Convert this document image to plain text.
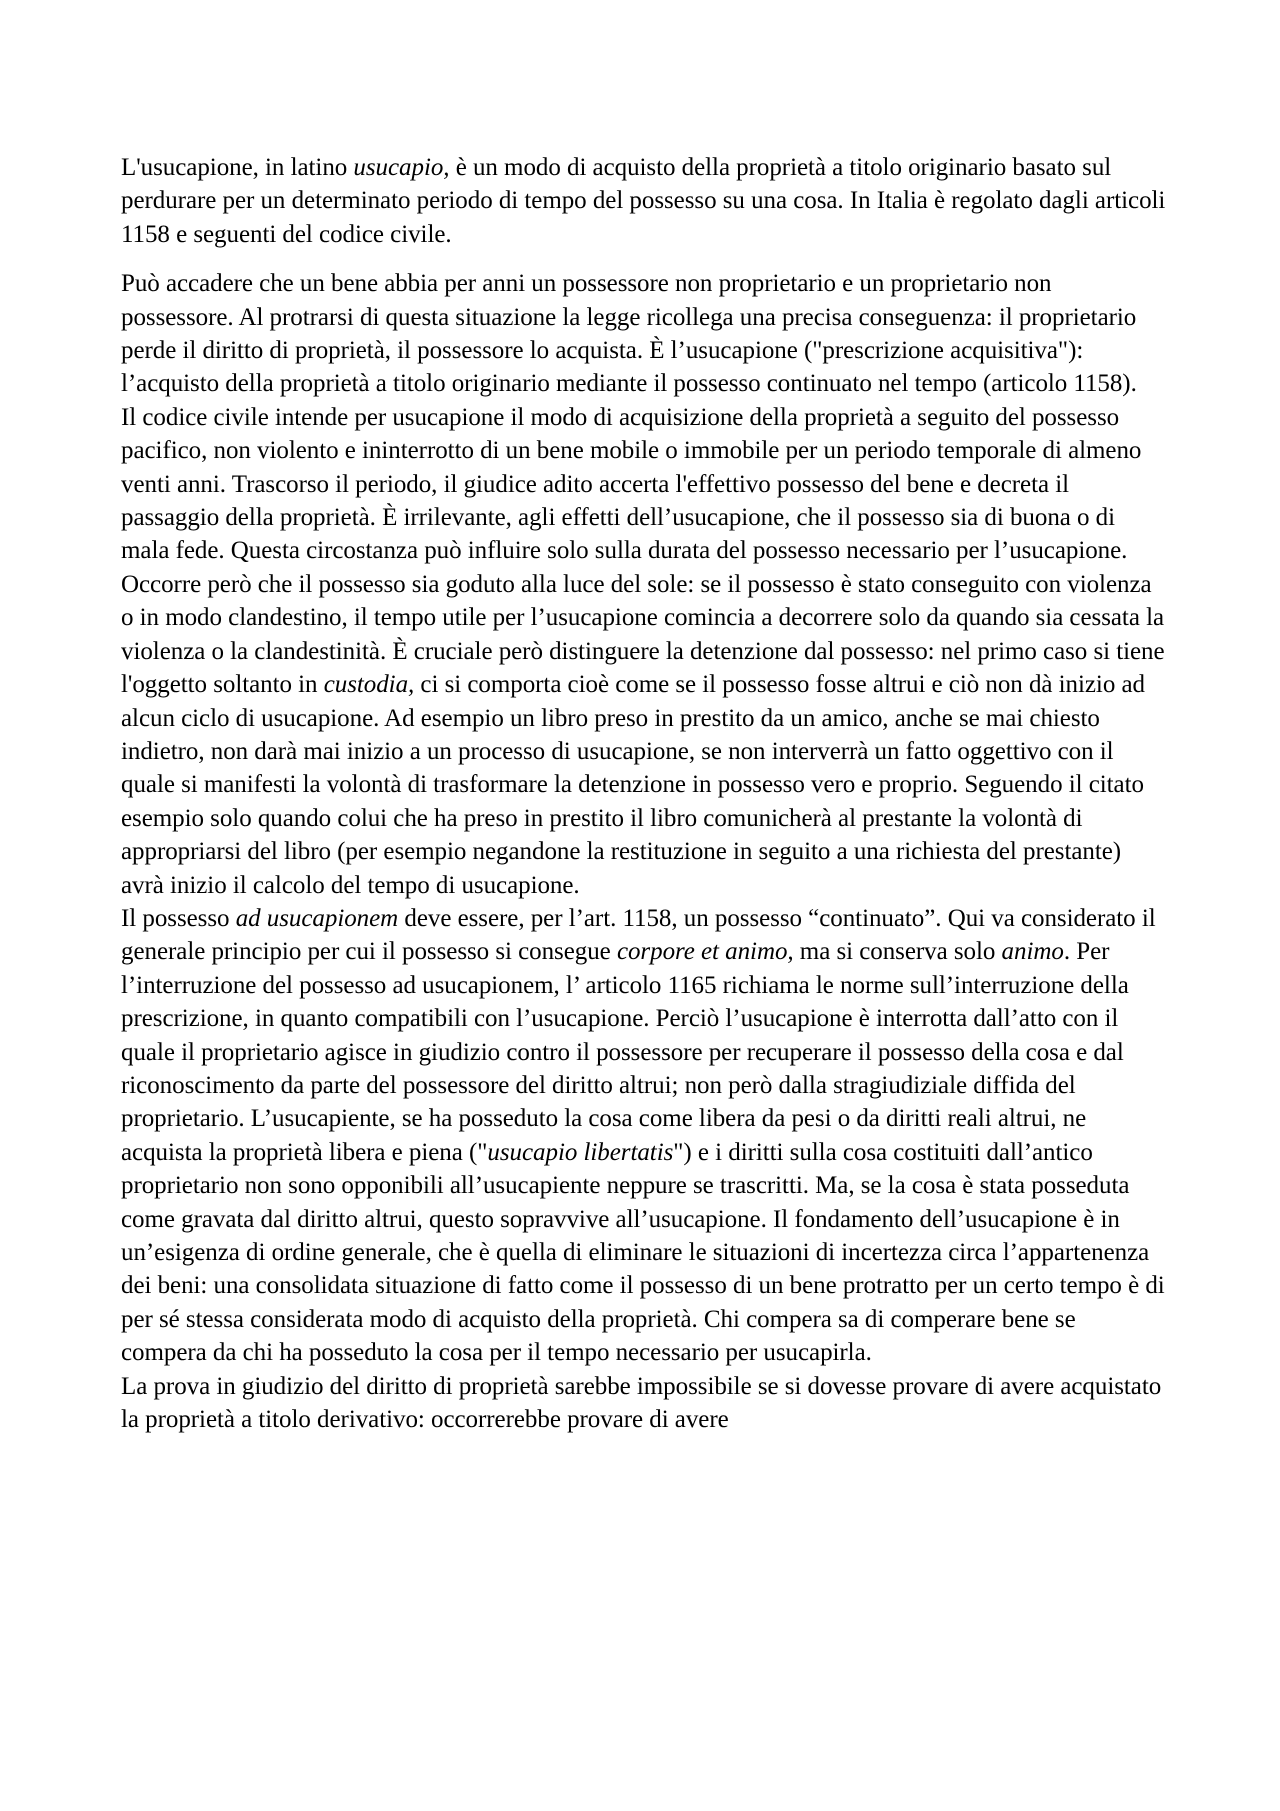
L'usucapione, in latino usucapio, è un modo di acquisto della proprietà a titolo originario basato sul perdurare per un determinato periodo di tempo del possesso su una cosa. In Italia è regolato dagli articoli 1158 e seguenti del codice civile.

Può accadere che un bene abbia per anni un possessore non proprietario e un proprietario non possessore. Al protrarsi di questa situazione la legge ricollega una precisa conseguenza: il proprietario perde il diritto di proprietà, il possessore lo acquista. È l’usucapione ("prescrizione acquisitiva"): l’acquisto della proprietà a titolo originario mediante il possesso continuato nel tempo (articolo 1158).

Il codice civile intende per usucapione il modo di acquisizione della proprietà a seguito del possesso pacifico, non violento e ininterrotto di un bene mobile o immobile per un periodo temporale di almeno venti anni. Trascorso il periodo, il giudice adito accerta l'effettivo possesso del bene e decreta il passaggio della proprietà. È irrilevante, agli effetti dell’usucapione, che il possesso sia di buona o di mala fede. Questa circostanza può influire solo sulla durata del possesso necessario per l’usucapione. Occorre però che il possesso sia goduto alla luce del sole: se il possesso è stato conseguito con violenza o in modo clandestino, il tempo utile per l’usucapione comincia a decorrere solo da quando sia cessata la violenza o la clandestinità. È cruciale però distinguere la detenzione dal possesso: nel primo caso si tiene l'oggetto soltanto in custodia, ci si comporta cioè come se il possesso fosse altrui e ciò non dà inizio ad alcun ciclo di usucapione. Ad esempio un libro preso in prestito da un amico, anche se mai chiesto indietro, non darà mai inizio a un processo di usucapione, se non interverrà un fatto oggettivo con il quale si manifesti la volontà di trasformare la detenzione in possesso vero e proprio. Seguendo il citato esempio solo quando colui che ha preso in prestito il libro comunicherà al prestante la volontà di appropriarsi del libro (per esempio negandone la restituzione in seguito a una richiesta del prestante) avrà inizio il calcolo del tempo di usucapione.

Il possesso ad usucapionem deve essere, per l’art. 1158, un possesso “continuato”. Qui va considerato il generale principio per cui il possesso si consegue corpore et animo, ma si conserva solo animo. Per l’interruzione del possesso ad usucapionem, l’ articolo 1165 richiama le norme sull’interruzione della prescrizione, in quanto compatibili con l’usucapione. Perciò l’usucapione è interrotta dall’atto con il quale il proprietario agisce in giudizio contro il possessore per recuperare il possesso della cosa e dal riconoscimento da parte del possessore del diritto altrui; non però dalla stragiudiziale diffida del proprietario. L’usucapiente, se ha posseduto la cosa come libera da pesi o da diritti reali altrui, ne acquista la proprietà libera e piena ("usucapio libertatis") e i diritti sulla cosa costituiti dall’antico proprietario non sono opponibili all’usucapiente neppure se trascritti. Ma, se la cosa è stata posseduta come gravata dal diritto altrui, questo sopravvive all’usucapione. Il fondamento dell’usucapione è in un’esigenza di ordine generale, che è quella di eliminare le situazioni di incertezza circa l’appartenenza dei beni: una consolidata situazione di fatto come il possesso di un bene protratto per un certo tempo è di per sé stessa considerata modo di acquisto della proprietà. Chi compera sa di comperare bene se compera da chi ha posseduto la cosa per il tempo necessario per usucapirla.

La prova in giudizio del diritto di proprietà sarebbe impossibile se si dovesse provare di avere acquistato la proprietà a titolo derivativo: occorrerebbe provare di avere
